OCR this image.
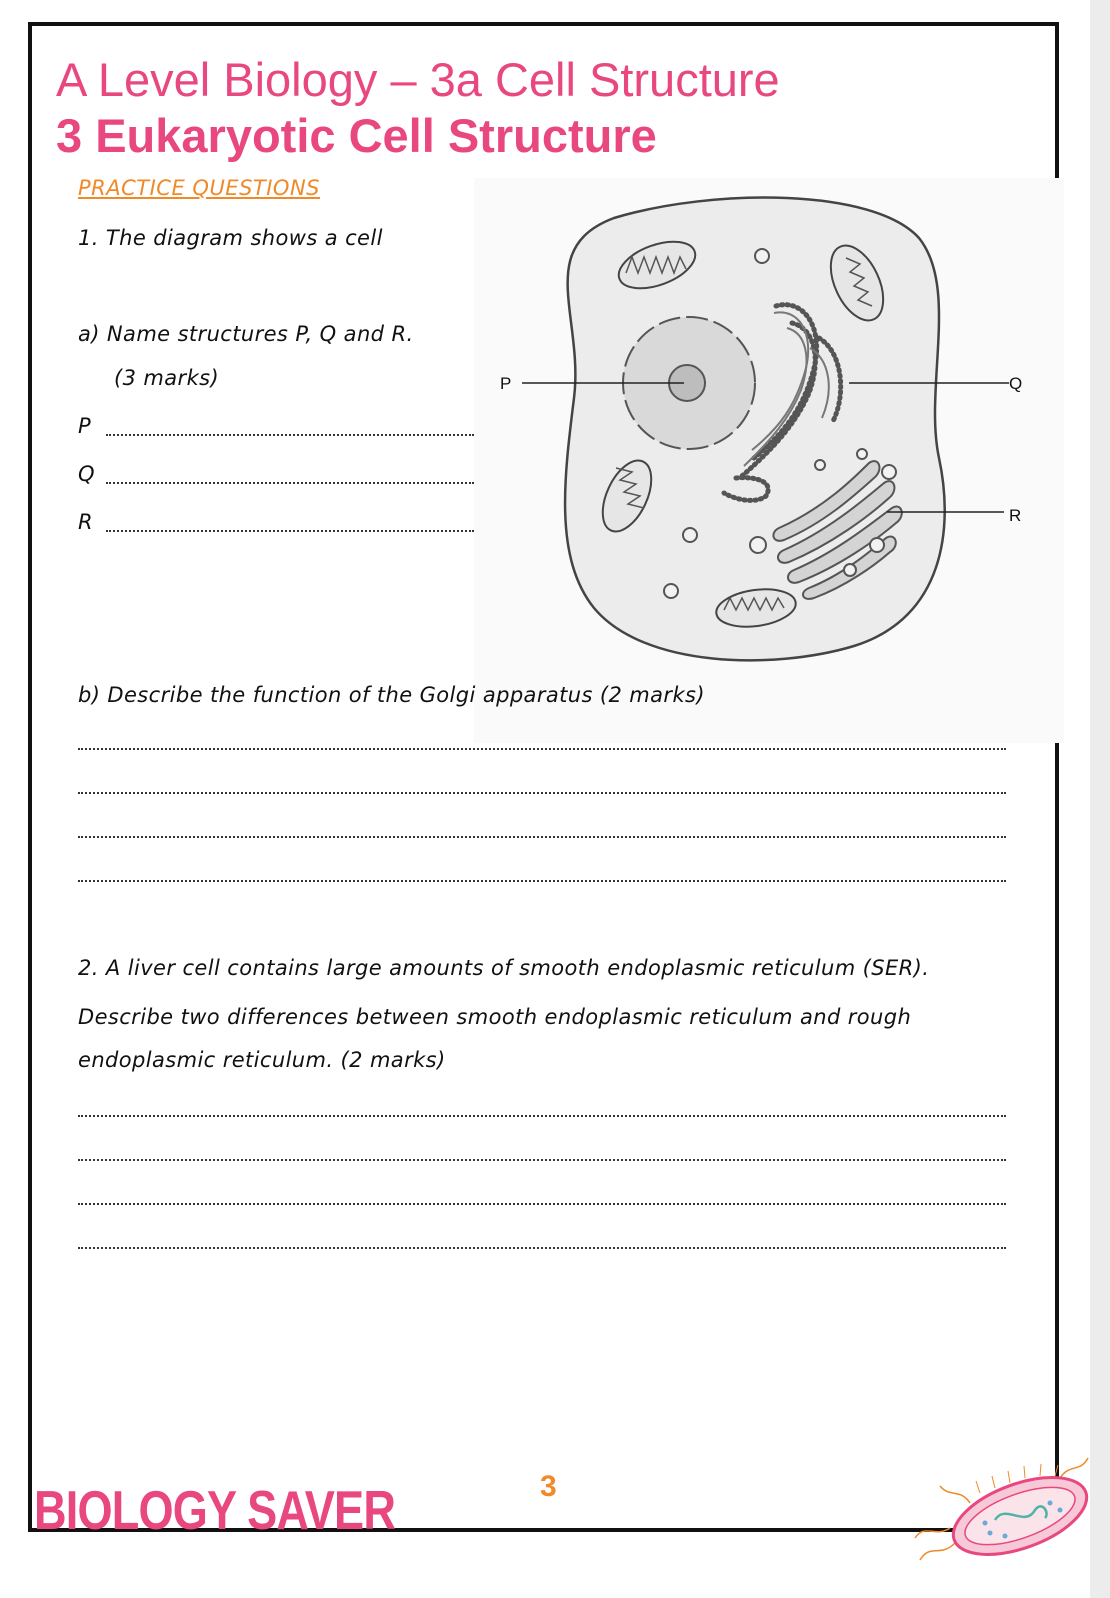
A Level Biology – 3a Cell Structure
3 Eukaryotic Cell Structure
PRACTICE QUESTIONS
1. The diagram shows a cell
a) Name structures P, Q and R.
(3 marks)
P
Q
R
P	Q
R
b) Describe the function of the Golgi apparatus (2 marks)
2. A liver cell contains large amounts of smooth endoplasmic reticulum (SER).
Describe two differences between smooth endoplasmic reticulum and rough
endoplasmic reticulum. (2 marks)
3
BIOLOGY SAVER
